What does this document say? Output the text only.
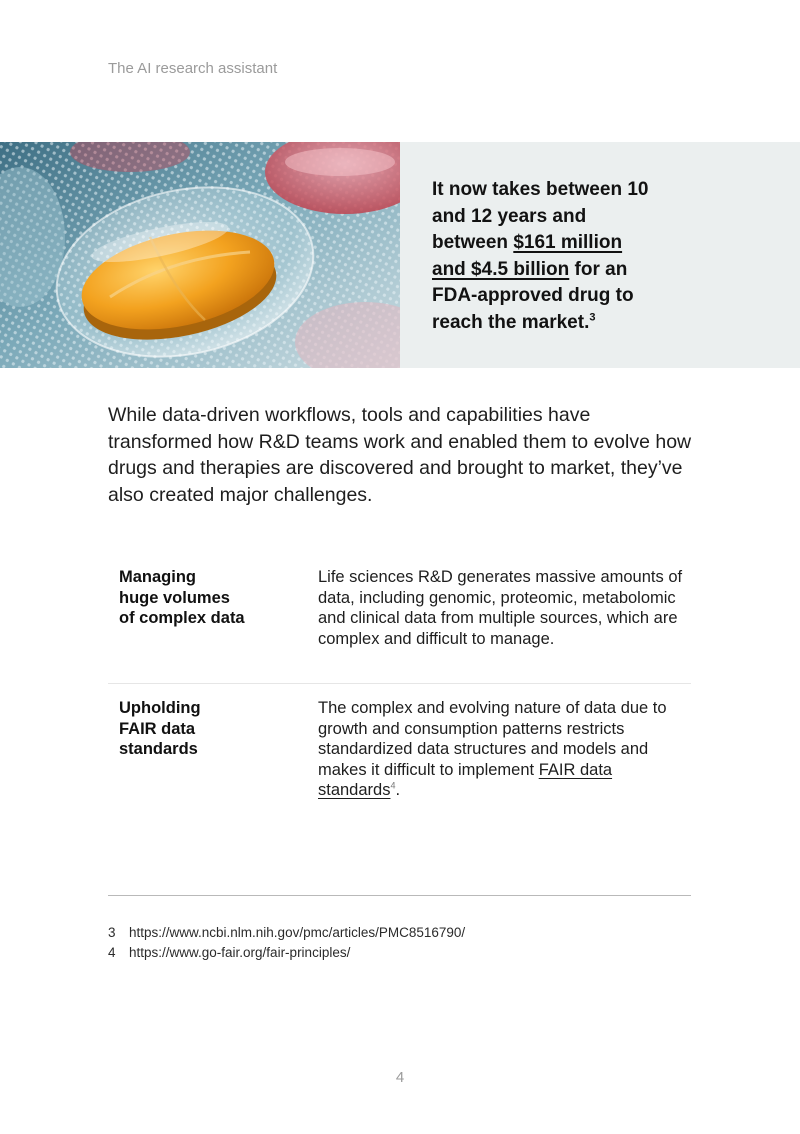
The AI research assistant
It now takes between 10 and 12 years and between $161 million and $4.5 billion for an FDA-approved drug to reach the market.$^3$
While data-driven workflows, tools and capabilities have transformed how R&D teams work and enabled them to evolve how drugs and therapies are discovered and brought to market, they’ve also created major challenges.
Managing
huge volumes
of complex data
Life sciences R&D generates massive amounts of data, including genomic, proteomic, metabolomic and clinical data from multiple sources, which are complex and difficult to manage.
Upholding
FAIR data
standards
The complex and evolving nature of data due to growth and consumption patterns restricts standardized data structures and models and makes it difficult to implement FAIR data standards$^4$.
3 https://www.ncbi.nlm.nih.gov/pmc/articles/PMC8516790/
4 https://www.go-fair.org/fair-principles/
4
